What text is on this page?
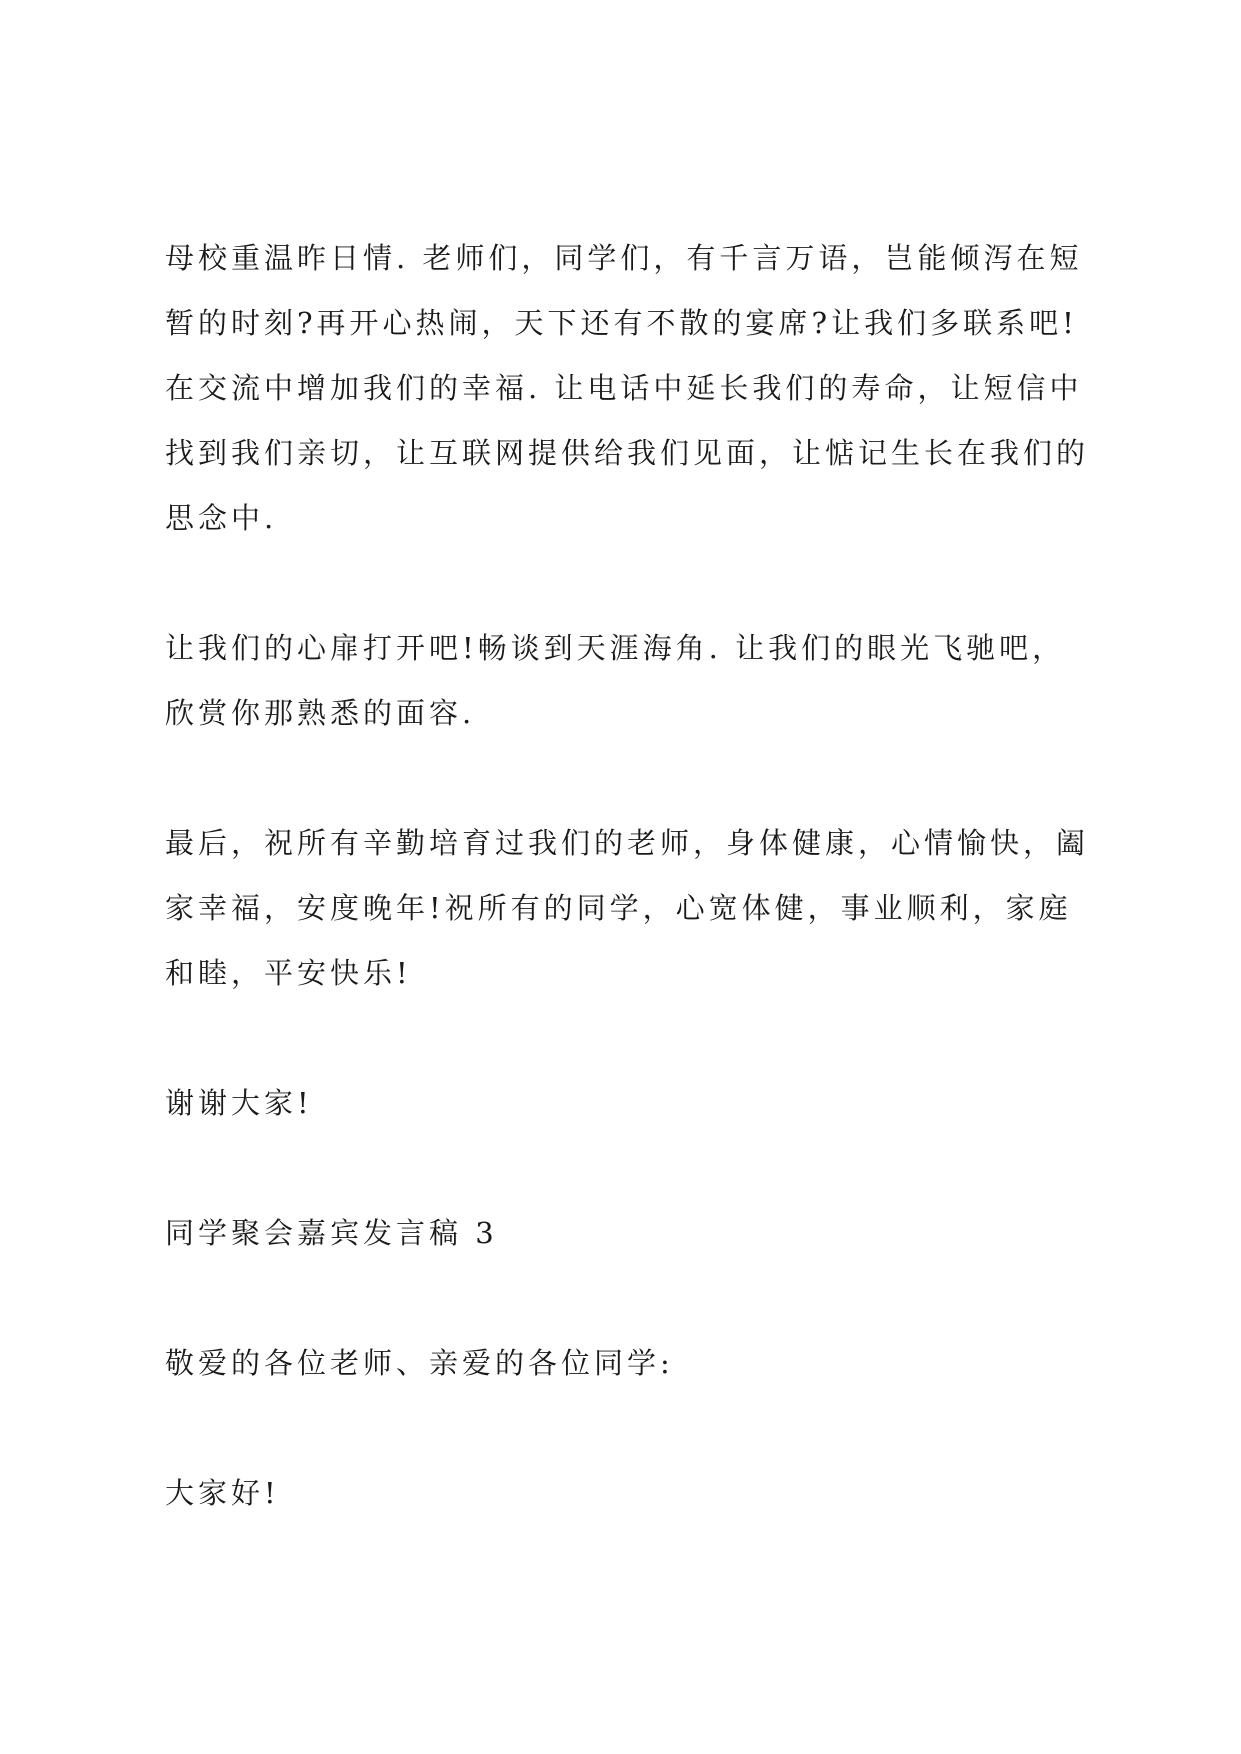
母校重温昨日情. 老师们，同学们，有千言万语，岂能倾泻在短
暂的时刻?再开心热闹，天下还有不散的宴席?让我们多联系吧!
在交流中增加我们的幸福. 让电话中延长我们的寿命，让短信中
找到我们亲切，让互联网提供给我们见面，让惦记生长在我们的
思念中.
让我们的心扉打开吧!畅谈到天涯海角. 让我们的眼光飞驰吧，
欣赏你那熟悉的面容.
最后，祝所有辛勤培育过我们的老师，身体健康，心情愉快，阖
家幸福，安度晚年!祝所有的同学，心宽体健，事业顺利，家庭
和睦，平安快乐!
谢谢大家!
同学聚会嘉宾发言稿 3
敬爱的各位老师、亲爱的各位同学:
大家好!
